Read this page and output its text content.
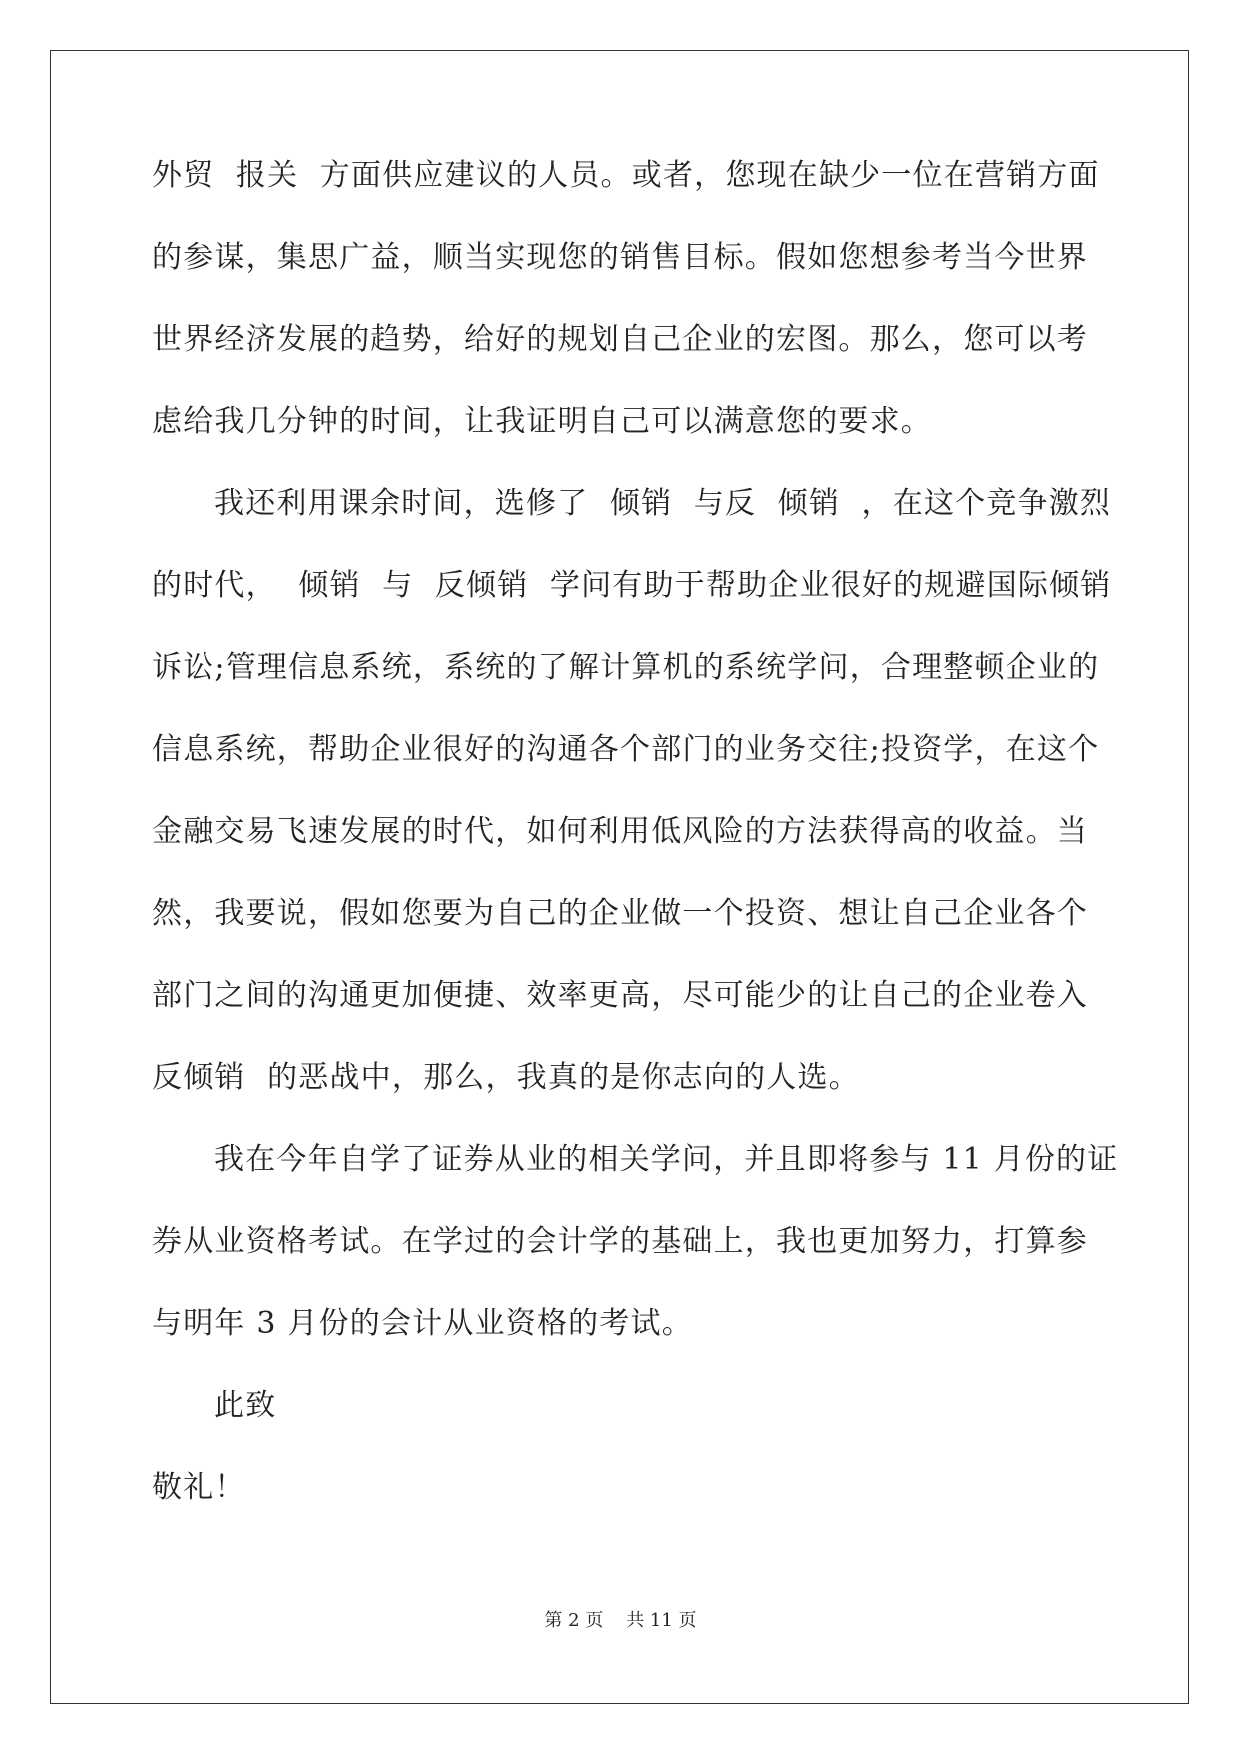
外贸  报关  方面供应建议的人员。或者，您现在缺少一位在营销方面
的参谋，集思广益，顺当实现您的销售目标。假如您想参考当今世界
世界经济发展的趋势，给好的规划自己企业的宏图。那么，您可以考
虑给我几分钟的时间，让我证明自己可以满意您的要求。
我还利用课余时间，选修了  倾销  与反  倾销  ，在这个竞争激烈
的时代，  倾销  与  反倾销  学问有助于帮助企业很好的规避国际倾销
诉讼;管理信息系统，系统的了解计算机的系统学问，合理整顿企业的
信息系统，帮助企业很好的沟通各个部门的业务交往;投资学，在这个
金融交易飞速发展的时代，如何利用低风险的方法获得高的收益。当
然，我要说，假如您要为自己的企业做一个投资、想让自己企业各个
部门之间的沟通更加便捷、效率更高，尽可能少的让自己的企业卷入
反倾销  的恶战中，那么，我真的是你志向的人选。
我在今年自学了证券从业的相关学问，并且即将参与 11 月份的证
券从业资格考试。在学过的会计学的基础上，我也更加努力，打算参
与明年 3 月份的会计从业资格的考试。
此致
敬礼！
第 2 页    共 11 页
